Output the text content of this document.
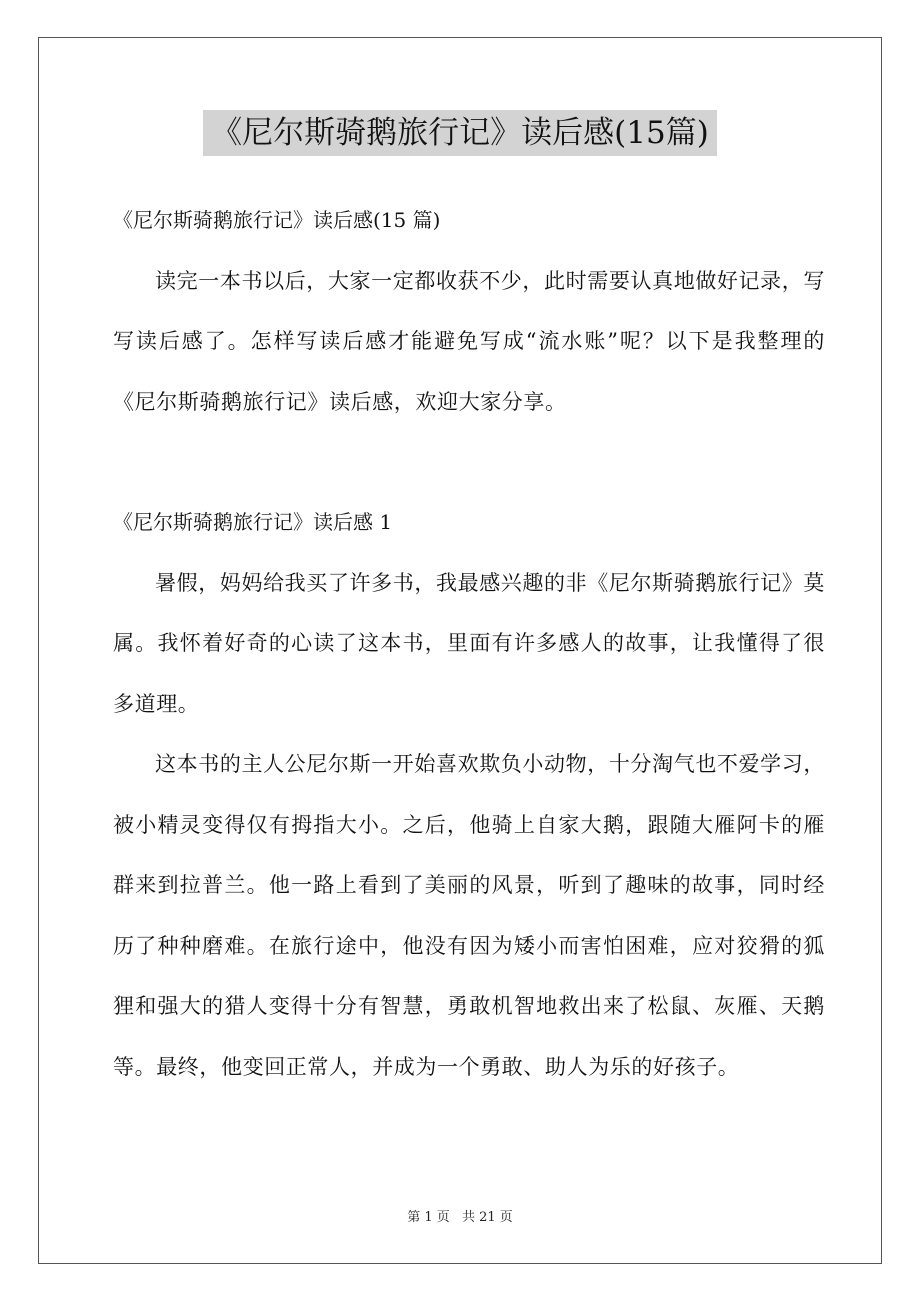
《尼尔斯骑鹅旅行记》读后感(15篇)

《尼尔斯骑鹅旅行记》读后感(15 篇)

读完一本书以后，大家一定都收获不少，此时需要认真地做好记录，写写读后感了。怎样写读后感才能避免写成“流水账”呢？以下是我整理的《尼尔斯骑鹅旅行记》读后感，欢迎大家分享。

《尼尔斯骑鹅旅行记》读后感 1

暑假，妈妈给我买了许多书，我最感兴趣的非《尼尔斯骑鹅旅行记》莫属。我怀着好奇的心读了这本书，里面有许多感人的故事，让我懂得了很多道理。

这本书的主人公尼尔斯一开始喜欢欺负小动物，十分淘气也不爱学习，被小精灵变得仅有拇指大小。之后，他骑上自家大鹅，跟随大雁阿卡的雁群来到拉普兰。他一路上看到了美丽的风景，听到了趣味的故事，同时经历了种种磨难。在旅行途中，他没有因为矮小而害怕困难，应对狡猾的狐狸和强大的猎人变得十分有智慧，勇敢机智地救出来了松鼠、灰雁、天鹅等。最终，他变回正常人，并成为一个勇敢、助人为乐的好孩子。

第 1 页 共 21 页
